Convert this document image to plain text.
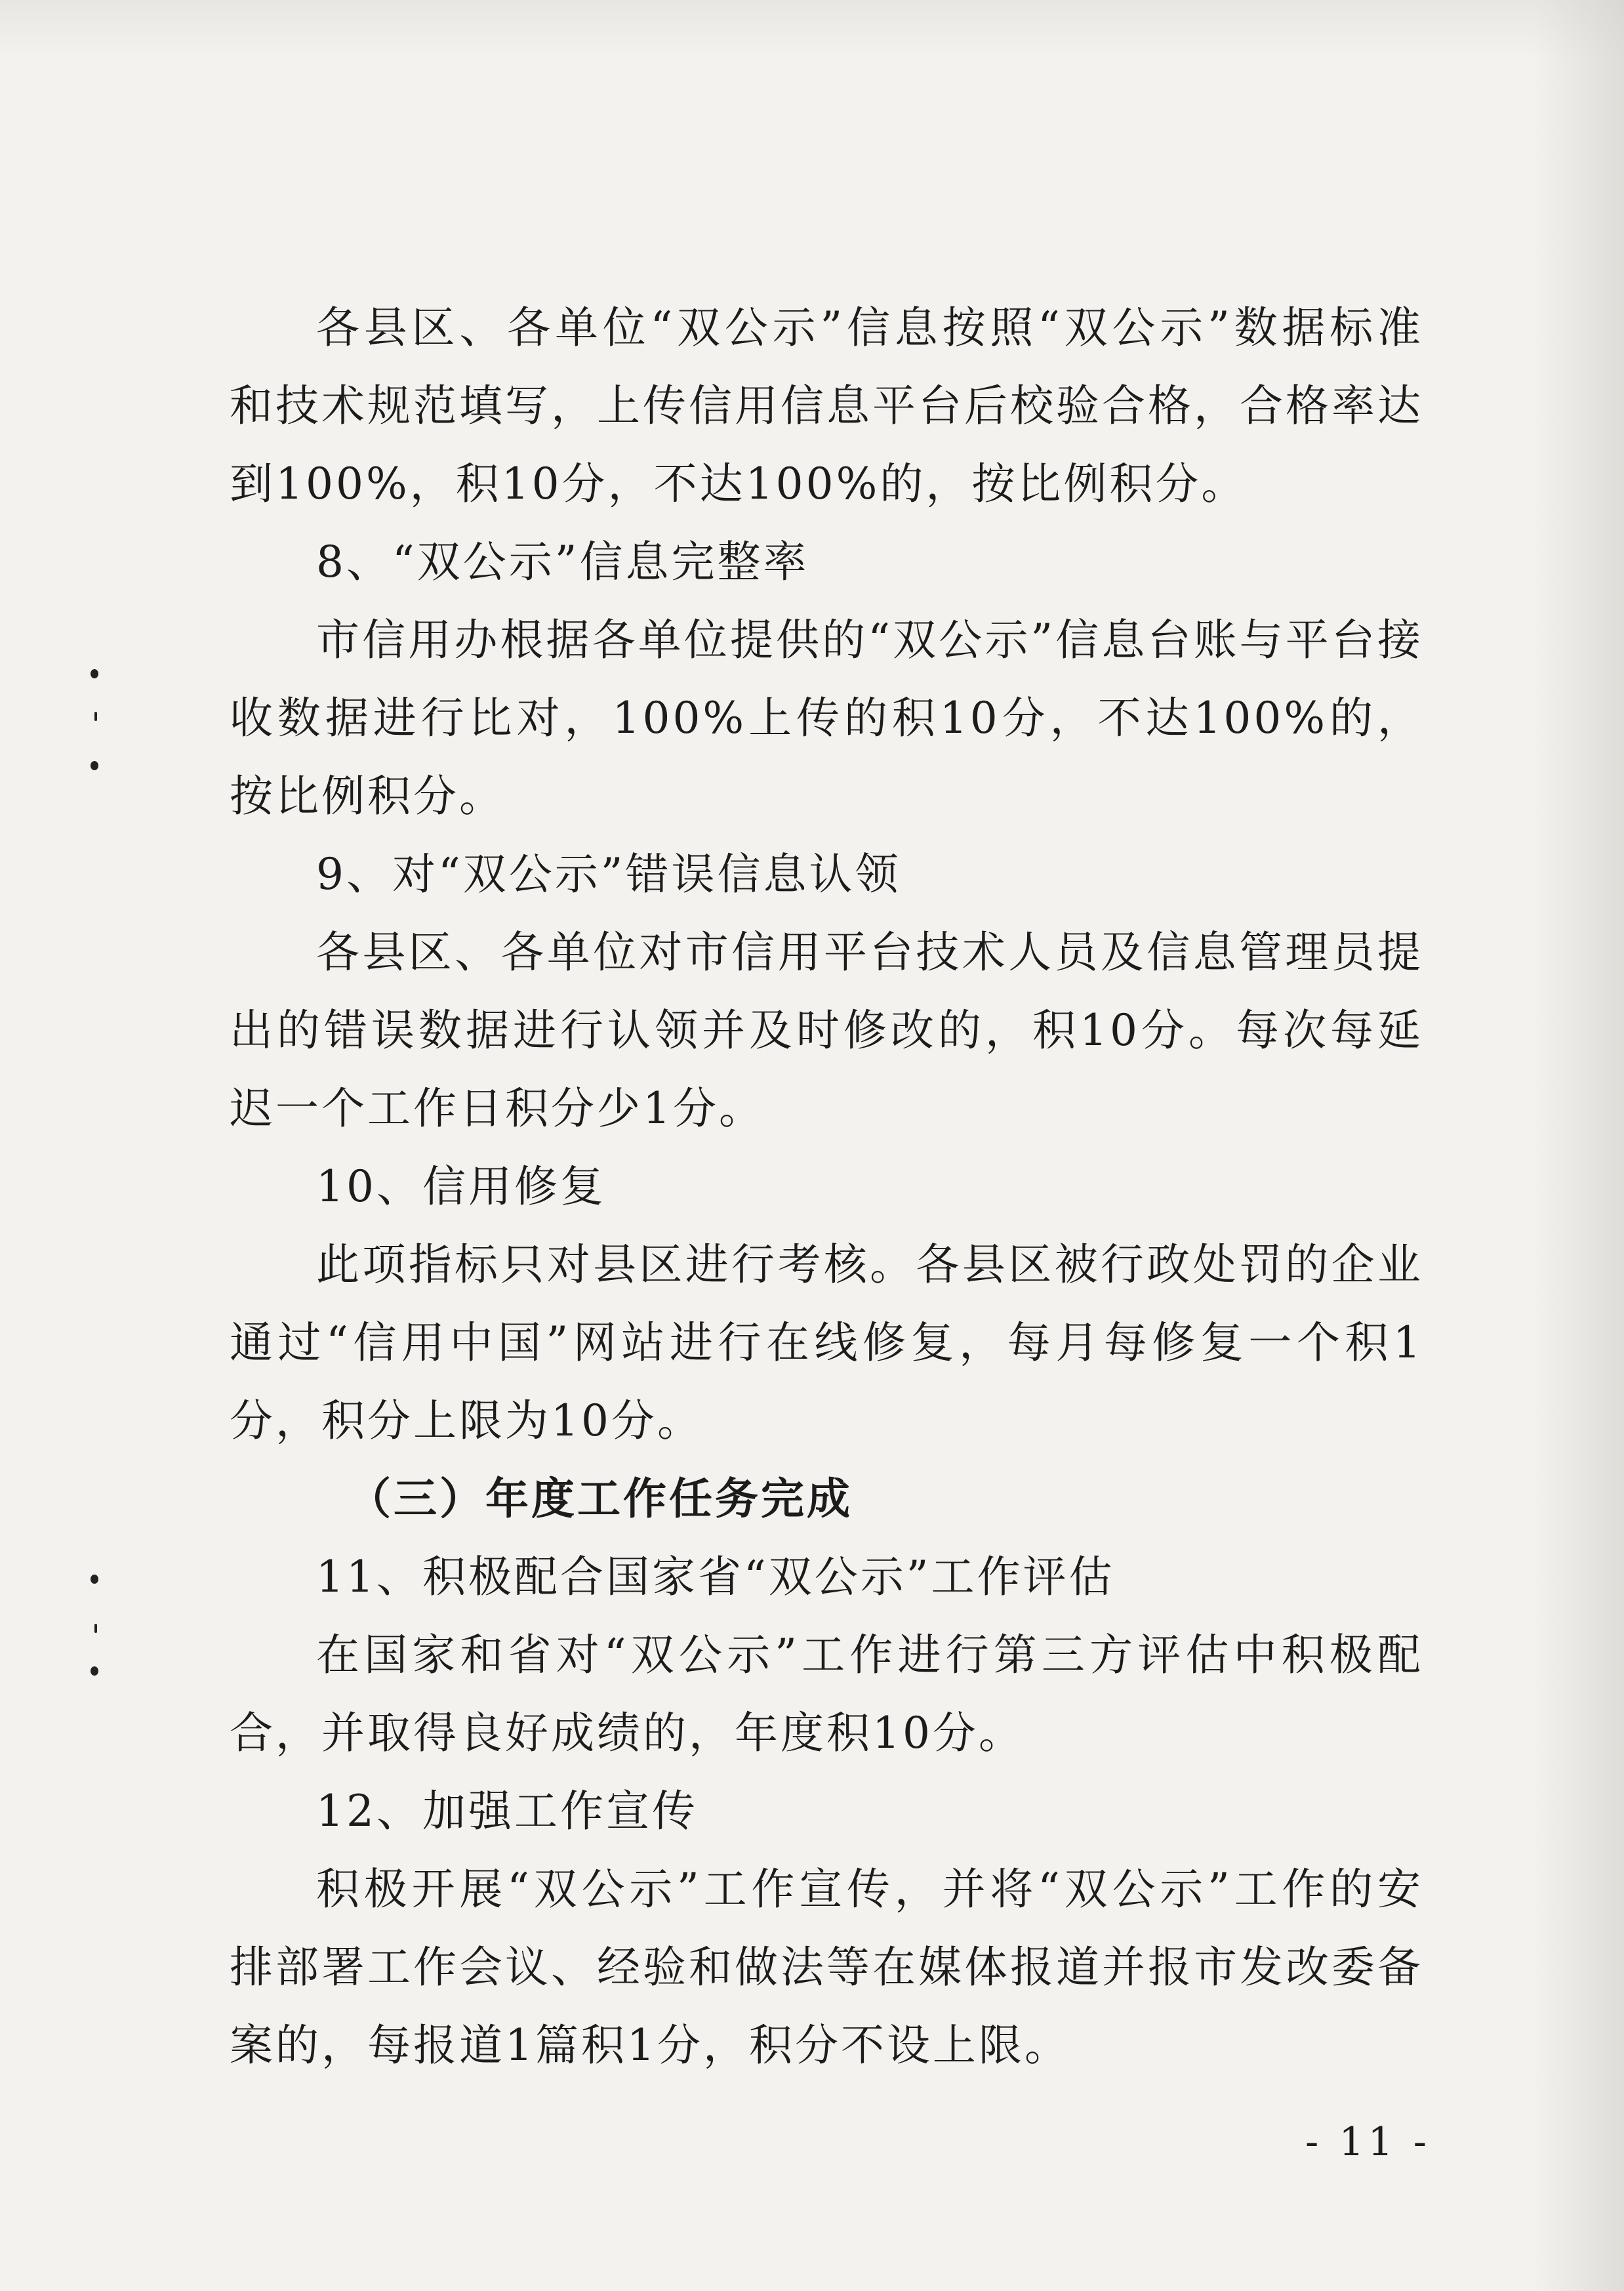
各县区、各单位“双公示”信息按照“双公示”数据标准和技术规范填写，上传信用信息平台后校验合格，合格率达到100%，积10分，不达100%的，按比例积分。

8、“双公示”信息完整率

市信用办根据各单位提供的“双公示”信息台账与平台接收数据进行比对，100%上传的积10分，不达100%的，按比例积分。

9、对“双公示”错误信息认领

各县区、各单位对市信用平台技术人员及信息管理员提出的错误数据进行认领并及时修改的，积10分。每次每延迟一个工作日积分少1分。

10、信用修复

此项指标只对县区进行考核。各县区被行政处罚的企业通过“信用中国”网站进行在线修复，每月每修复一个积1分，积分上限为10分。

（三）年度工作任务完成

11、积极配合国家省“双公示”工作评估

在国家和省对“双公示”工作进行第三方评估中积极配合，并取得良好成绩的，年度积10分。

12、加强工作宣传

积极开展“双公示”工作宣传，并将“双公示”工作的安排部署工作会议、经验和做法等在媒体报道并报市发改委备案的，每报道1篇积1分，积分不设上限。

- 11 -
